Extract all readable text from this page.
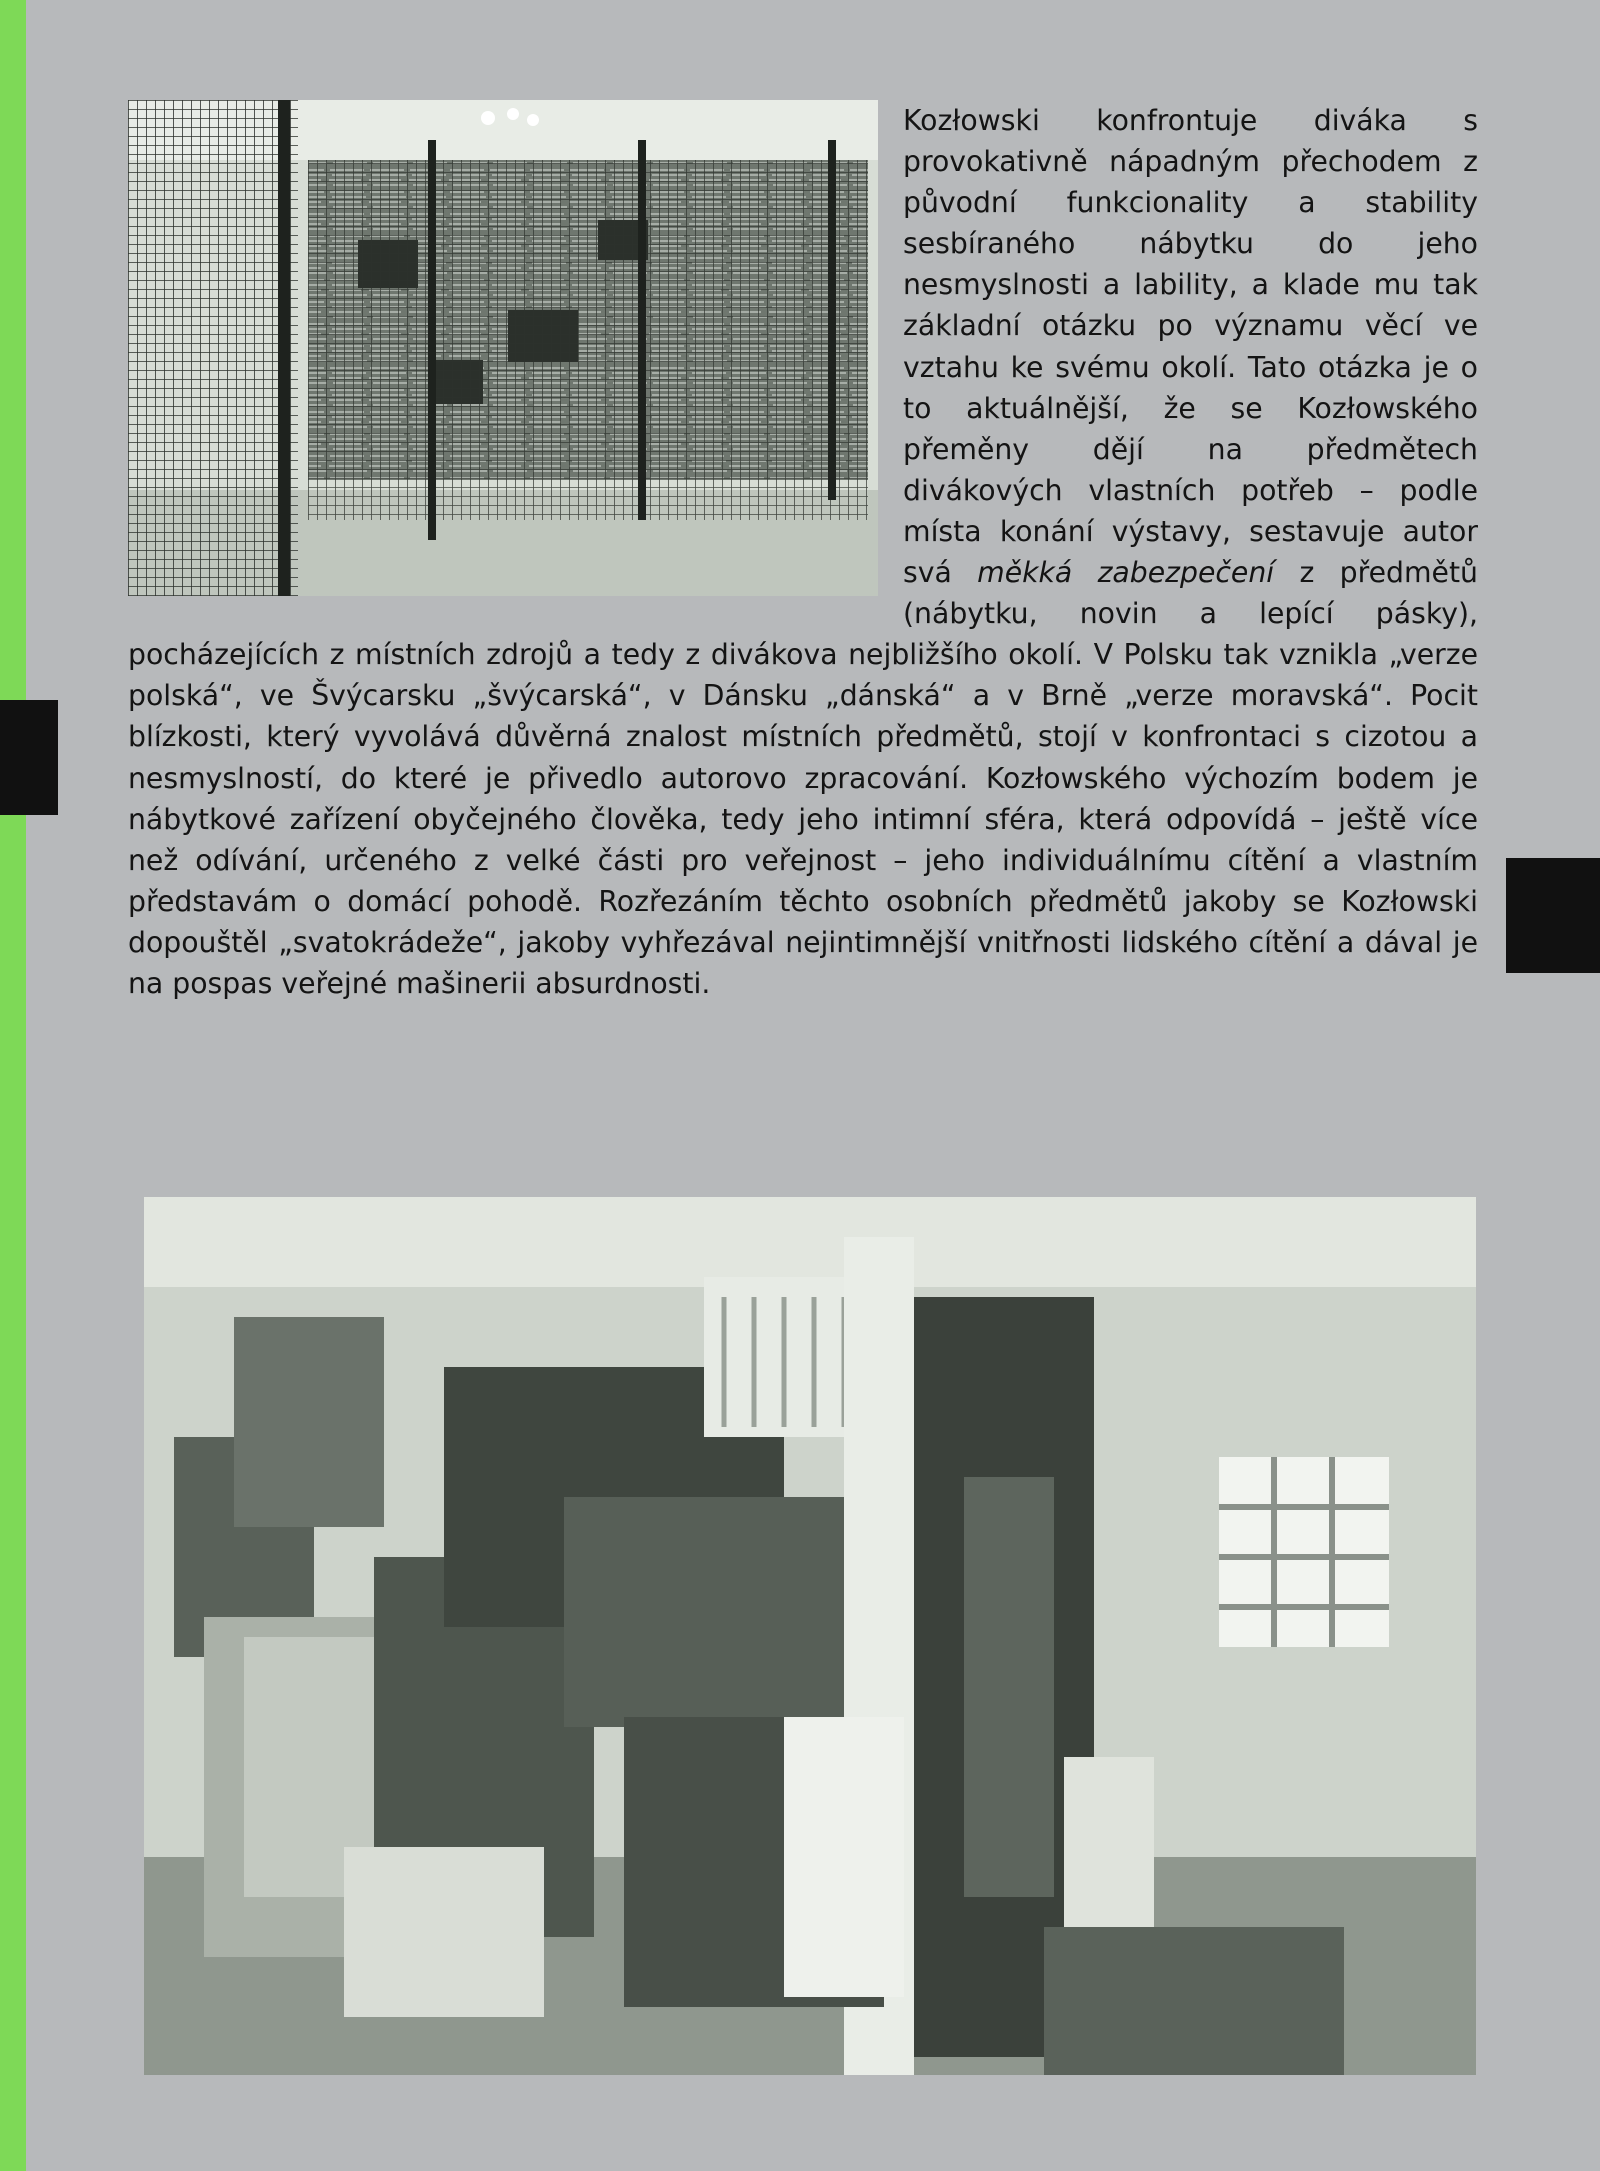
Kozłowski konfrontuje diváka s provokativně nápadným přechodem z původní funkcionality a stability sesbíraného nábytku do jeho nesmyslnosti a lability, a klade mu tak základní otázku po významu věcí ve vztahu ke svému okolí. Tato otázka je o to aktuálnější, že se Kozłowského přeměny dějí na předmětech divákových vlastních potřeb – podle místa konání výstavy, sestavuje autor svá měkká zabezpečení z předmětů (nábytku, novin a lepící pásky), pocházejících z místních zdrojů a tedy z divákova nejbližšího okolí. V Polsku tak vznikla „verze polská“, ve Švýcarsku „švýcarská“, v Dánsku „dánská“ a v Brně „verze moravská“. Pocit blízkosti, který vyvolává důvěrná znalost místních předmětů, stojí v konfrontaci s cizotou a nesmyslností, do které je přivedlo autorovo zpracování. Kozłowského výchozím bodem je nábytkové zařízení obyčejného člověka, tedy jeho intimní sféra, která odpovídá – ještě více než odívání, určeného z velké části pro veřejnost – jeho individuálnímu cítění a vlastním představám o domácí pohodě. Rozřezáním těchto osobních předmětů jakoby se Kozłowski dopouštěl „svatokrádeže“, jakoby vyhřezával nejintimnější vnitřnosti lidského cítění a dával je na pospas veřejné mašinerii absurdnosti.
